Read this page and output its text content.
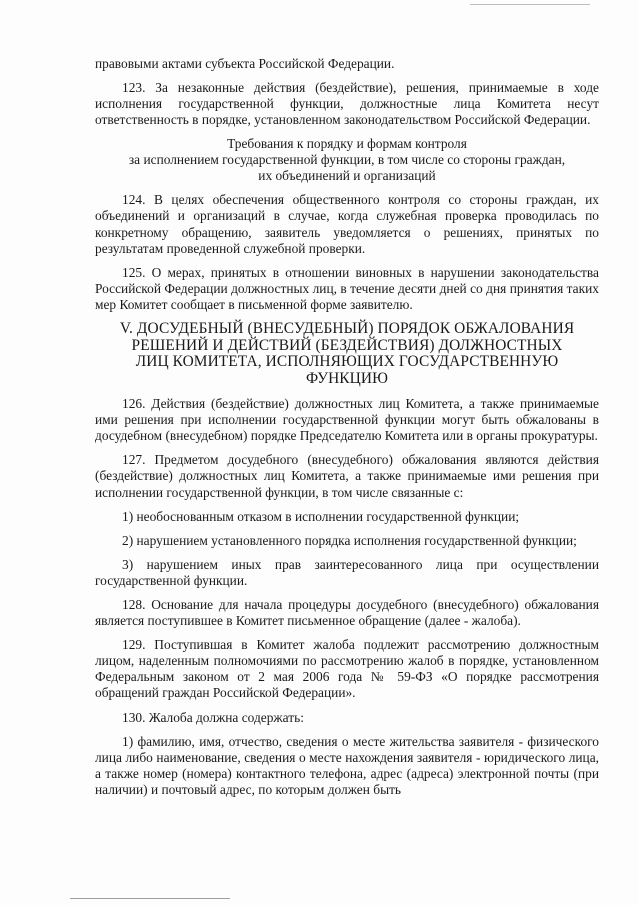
правовыми актами субъекта Российской Федерации.

123. За незаконные действия (бездействие), решения, принимаемые в ходе исполнения государственной функции, должностные лица Комитета несут ответственность в порядке, установленном законодательством Российской Федерации.

Требования к порядку и формам контроля
за исполнением государственной функции, в том числе со стороны граждан,
их объединений и организаций

124. В целях обеспечения общественного контроля со стороны граждан, их объединений и организаций в случае, когда служебная проверка проводилась по конкретному обращению, заявитель уведомляется о решениях, принятых по результатам проведенной служебной проверки.

125. О мерах, принятых в отношении виновных в нарушении законодательства Российской Федерации должностных лиц, в течение десяти дней со дня принятия таких мер Комитет сообщает в письменной форме заявителю.

V. ДОСУДЕБНЫЙ (ВНЕСУДЕБНЫЙ) ПОРЯДОК ОБЖАЛОВАНИЯ
РЕШЕНИЙ И ДЕЙСТВИЙ (БЕЗДЕЙСТВИЯ) ДОЛЖНОСТНЫХ
ЛИЦ КОМИТЕТА, ИСПОЛНЯЮЩИХ ГОСУДАРСТВЕННУЮ ФУНКЦИЮ

126. Действия (бездействие) должностных лиц Комитета, а также принимаемые ими решения при исполнении государственной функции могут быть обжалованы в досудебном (внесудебном) порядке Председателю Комитета или в органы прокуратуры.

127. Предметом досудебного (внесудебного) обжалования являются действия (бездействие) должностных лиц Комитета, а также принимаемые ими решения при исполнении государственной функции, в том числе связанные с:

1) необоснованным отказом в исполнении государственной функции;

2) нарушением установленного порядка исполнения государственной функции;

3) нарушением иных прав заинтересованного лица при осуществлении государственной функции.

128. Основание для начала процедуры досудебного (внесудебного) обжалования является поступившее в Комитет письменное обращение (далее - жалоба).

129. Поступившая в Комитет жалоба подлежит рассмотрению должностным лицом, наделенным полномочиями по рассмотрению жалоб в порядке, установленном Федеральным законом от 2 мая 2006 года № 59-ФЗ «О порядке рассмотрения обращений граждан Российской Федерации».

130. Жалоба должна содержать:

1) фамилию, имя, отчество, сведения о месте жительства заявителя - физического лица либо наименование, сведения о месте нахождения заявителя - юридического лица, а также номер (номера) контактного телефона, адрес (адреса) электронной почты (при наличии) и почтовый адрес, по которым должен быть
